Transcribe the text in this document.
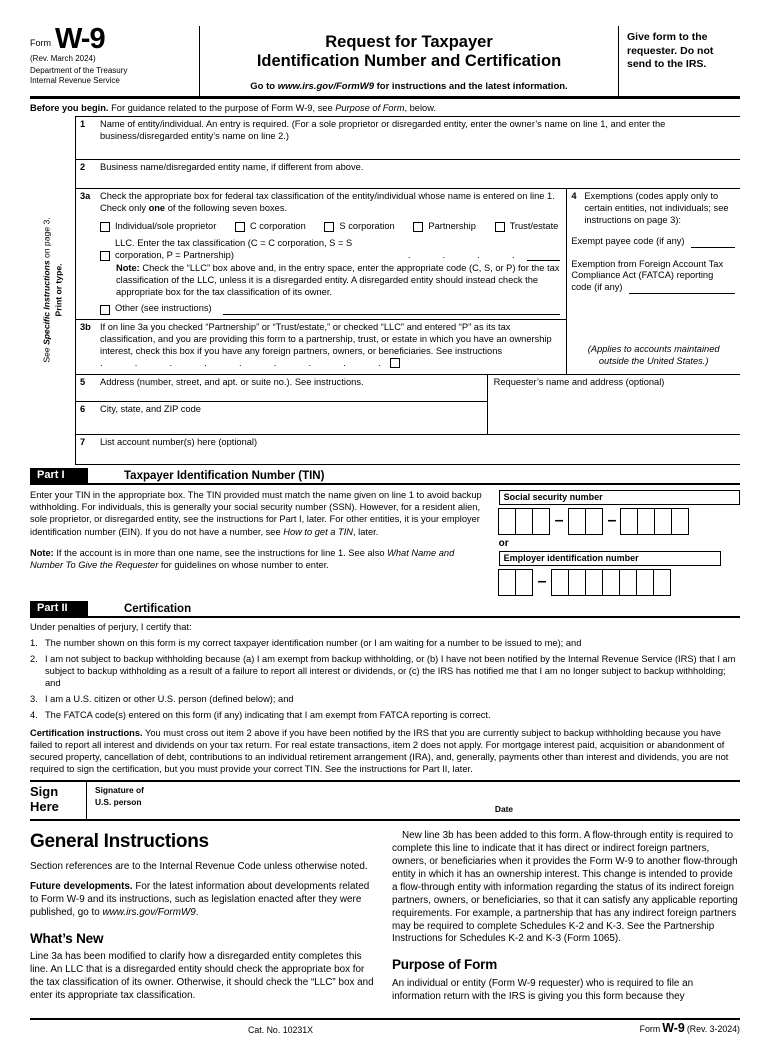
Form W-9
(Rev. March 2024)
Department of the Treasury
Internal Revenue Service
Request for Taxpayer
Identification Number and Certification
Go to www.irs.gov/FormW9 for instructions and the latest information.
Give form to the requester. Do not send to the IRS.
Before you begin. For guidance related to the purpose of Form W-9, see Purpose of Form, below.
See Specific Instructions on page 3.
Print or type.
1	Name of entity/individual. An entry is required. (For a sole proprietor or disregarded entity, enter the owner’s name on line 1, and enter the business/disregarded entity’s name on line 2.)
2	Business name/disregarded entity name, if different from above.
3a	Check the appropriate box for federal tax classification of the entity/individual whose name is entered on line 1. Check only one of the following seven boxes.
Individual/sole proprietor	C corporation	S corporation	Partnership	Trust/estate
LLC. Enter the tax classification (C = C corporation, S = S corporation, P = Partnership)	.  .  .  .
Note: Check the “LLC” box above and, in the entry space, enter the appropriate code (C, S, or P) for the tax classification of the LLC, unless it is a disregarded entity. A disregarded entity should instead check the appropriate box for the tax classification of its owner.
Other (see instructions)
3b If on line 3a you checked “Partnership” or “Trust/estate,” or checked “LLC” and entered “P” as its tax classification, and you are providing this form to a partnership, trust, or estate in which you have an ownership interest, check this box if you have any foreign partners, owners, or beneficiaries. See instructions .  .  .  .  .  .  .  .  .
4 Exemptions (codes apply only to certain entities, not individuals; see instructions on page 3):
Exempt payee code (if any)
Exemption from Foreign Account Tax Compliance Act (FATCA) reporting
code (if any)
(Applies to accounts maintained outside the United States.)
5	Address (number, street, and apt. or suite no.). See instructions.
6	City, state, and ZIP code
Requester’s name and address (optional)
7	List account number(s) here (optional)
Part I	Taxpayer Identification Number (TIN)

Enter your TIN in the appropriate box. The TIN provided must match the name given on line 1 to avoid backup withholding. For individuals, this is generally your social security number (SSN). However, for a resident alien, sole proprietor, or disregarded entity, see the instructions for Part I, later. For other entities, it is your employer identification number (EIN). If you do not have a number, see How to get a TIN, later.

Note: If the account is in more than one name, see the instructions for line 1. See also What Name and Number To Give the Requester for guidelines on whose number to enter.

Social security number
–	–
or
Employer identification number
–
Part II	Certification
Under penalties of perjury, I certify that:
1. The number shown on this form is my correct taxpayer identification number (or I am waiting for a number to be issued to me); and
2. I am not subject to backup withholding because (a) I am exempt from backup withholding, or (b) I have not been notified by the Internal Revenue Service (IRS) that I am subject to backup withholding as a result of a failure to report all interest or dividends, or (c) the IRS has notified me that I am no longer subject to backup withholding; and
3. I am a U.S. citizen or other U.S. person (defined below); and
4. The FATCA code(s) entered on this form (if any) indicating that I am exempt from FATCA reporting is correct.
Certification instructions. You must cross out item 2 above if you have been notified by the IRS that you are currently subject to backup withholding because you have failed to report all interest and dividends on your tax return. For real estate transactions, item 2 does not apply. For mortgage interest paid, acquisition or abandonment of secured property, cancellation of debt, contributions to an individual retirement arrangement (IRA), and, generally, payments other than interest and dividends, you are not required to sign the certification, but you must provide your correct TIN. See the instructions for Part II, later.
Sign
Here
Signature of
U.S. person
Date
General Instructions

Section references are to the Internal Revenue Code unless otherwise noted.

Future developments. For the latest information about developments related to Form W-9 and its instructions, such as legislation enacted after they were published, go to www.irs.gov/FormW9.

What’s New

Line 3a has been modified to clarify how a disregarded entity completes this line. An LLC that is a disregarded entity should check the appropriate box for the tax classification of its owner. Otherwise, it should check the “LLC” box and enter its appropriate tax classification.

New line 3b has been added to this form. A flow-through entity is required to complete this line to indicate that it has direct or indirect foreign partners, owners, or beneficiaries when it provides the Form W-9 to another flow-through entity in which it has an ownership interest. This change is intended to provide a flow-through entity with information regarding the status of its indirect foreign partners, owners, or beneficiaries, so that it can satisfy any applicable reporting requirements. For example, a partnership that has any indirect foreign partners may be required to complete Schedules K-2 and K-3. See the Partnership Instructions for Schedules K-2 and K-3 (Form 1065).

Purpose of Form

An individual or entity (Form W-9 requester) who is required to file an information return with the IRS is giving you this form because they

Cat. No. 10231X	Form W-9 (Rev. 3-2024)
